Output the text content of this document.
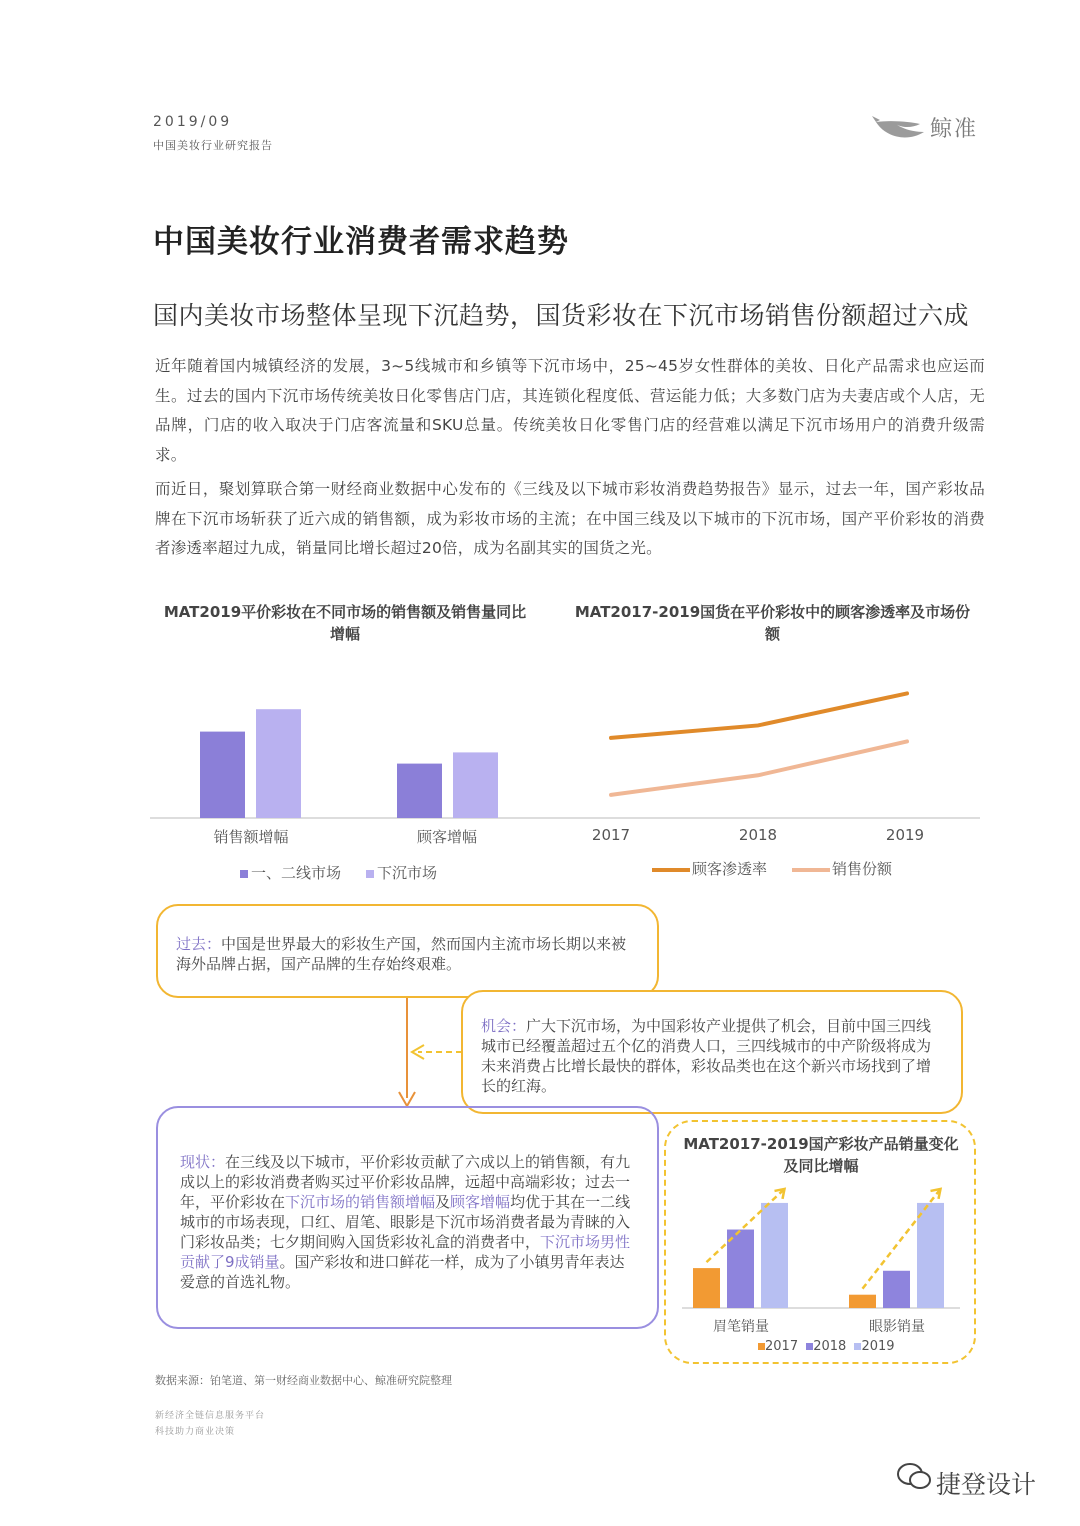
2019/09
中国美妆行业研究报告
鲸准
中国美妆行业消费者需求趋势
国内美妆市场整体呈现下沉趋势，国货彩妆在下沉市场销售份额超过六成
近年随着国内城镇经济的发展，3~5线城市和乡镇等下沉市场中，25~45岁女性群体的美妆、日化产品需求也应运而生。过去的国内下沉市场传统美妆日化零售店门店，其连锁化程度低、营运能力低；大多数门店为夫妻店或个人店，无品牌，门店的收入取决于门店客流量和SKU总量。传统美妆日化零售门店的经营难以满足下沉市场用户的消费升级需求。
而近日，聚划算联合第一财经商业数据中心发布的《三线及以下城市彩妆消费趋势报告》显示，过去一年，国产彩妆品牌在下沉市场斩获了近六成的销售额，成为彩妆市场的主流；在中国三线及以下城市的下沉市场，国产平价彩妆的消费者渗透率超过九成，销量同比增长超过20倍，成为名副其实的国货之光。
MAT2019平价彩妆在不同市场的销售额及销售量同比增幅
MAT2017-2019国货在平价彩妆中的顾客渗透率及市场份额
销售额增幅	顾客增幅	2017	2018	2019
一、二线市场	下沉市场	顾客渗透率	销售份额
过去：中国是世界最大的彩妆生产国，然而国内主流市场长期以来被海外品牌占据，国产品牌的生存始终艰难。
机会：广大下沉市场，为中国彩妆产业提供了机会，目前中国三四线城市已经覆盖超过五个亿的消费人口，三四线城市的中产阶级将成为未来消费占比增长最快的群体，彩妆品类也在这个新兴市场找到了增长的红海。
现状：在三线及以下城市，平价彩妆贡献了六成以上的销售额，有九成以上的彩妆消费者购买过平价彩妆品牌，远超中高端彩妆；过去一年，平价彩妆在下沉市场的销售额增幅及顾客增幅均优于其在一二线城市的市场表现，口红、眉笔、眼影是下沉市场消费者最为青睐的入门彩妆品类；七夕期间购入国货彩妆礼盒的消费者中，下沉市场男性贡献了9成销量。国产彩妆和进口鲜花一样，成为了小镇男青年表达爱意的首选礼物。
MAT2017-2019国产彩妆产品销量变化及同比增幅
眉笔销量	眼影销量
2017 2018 2019
数据来源：铂笔道、第一财经商业数据中心、鲸准研究院整理
新经济全链信息服务平台
科技助力商业决策
捷登设计
